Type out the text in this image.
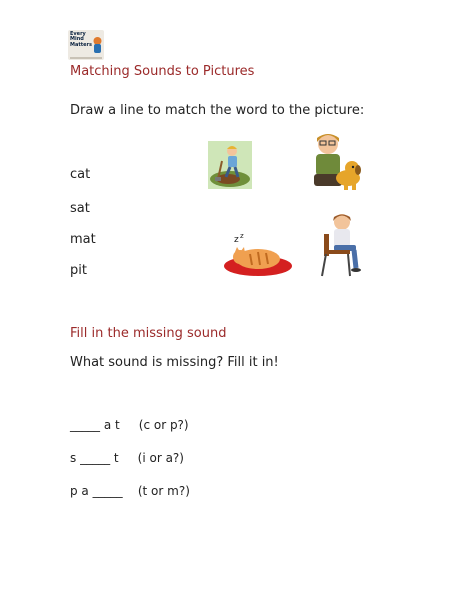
Every
Mind
Matters
Matching Sounds to Pictures
Draw a line to match the word to the picture:
cat
sat
mat
pit
z z
Fill in the missing sound
What sound is missing? Fill it in!
_____ a t     (c or p?)
s _____ t     (i or a?)
p a _____    (t or m?)
